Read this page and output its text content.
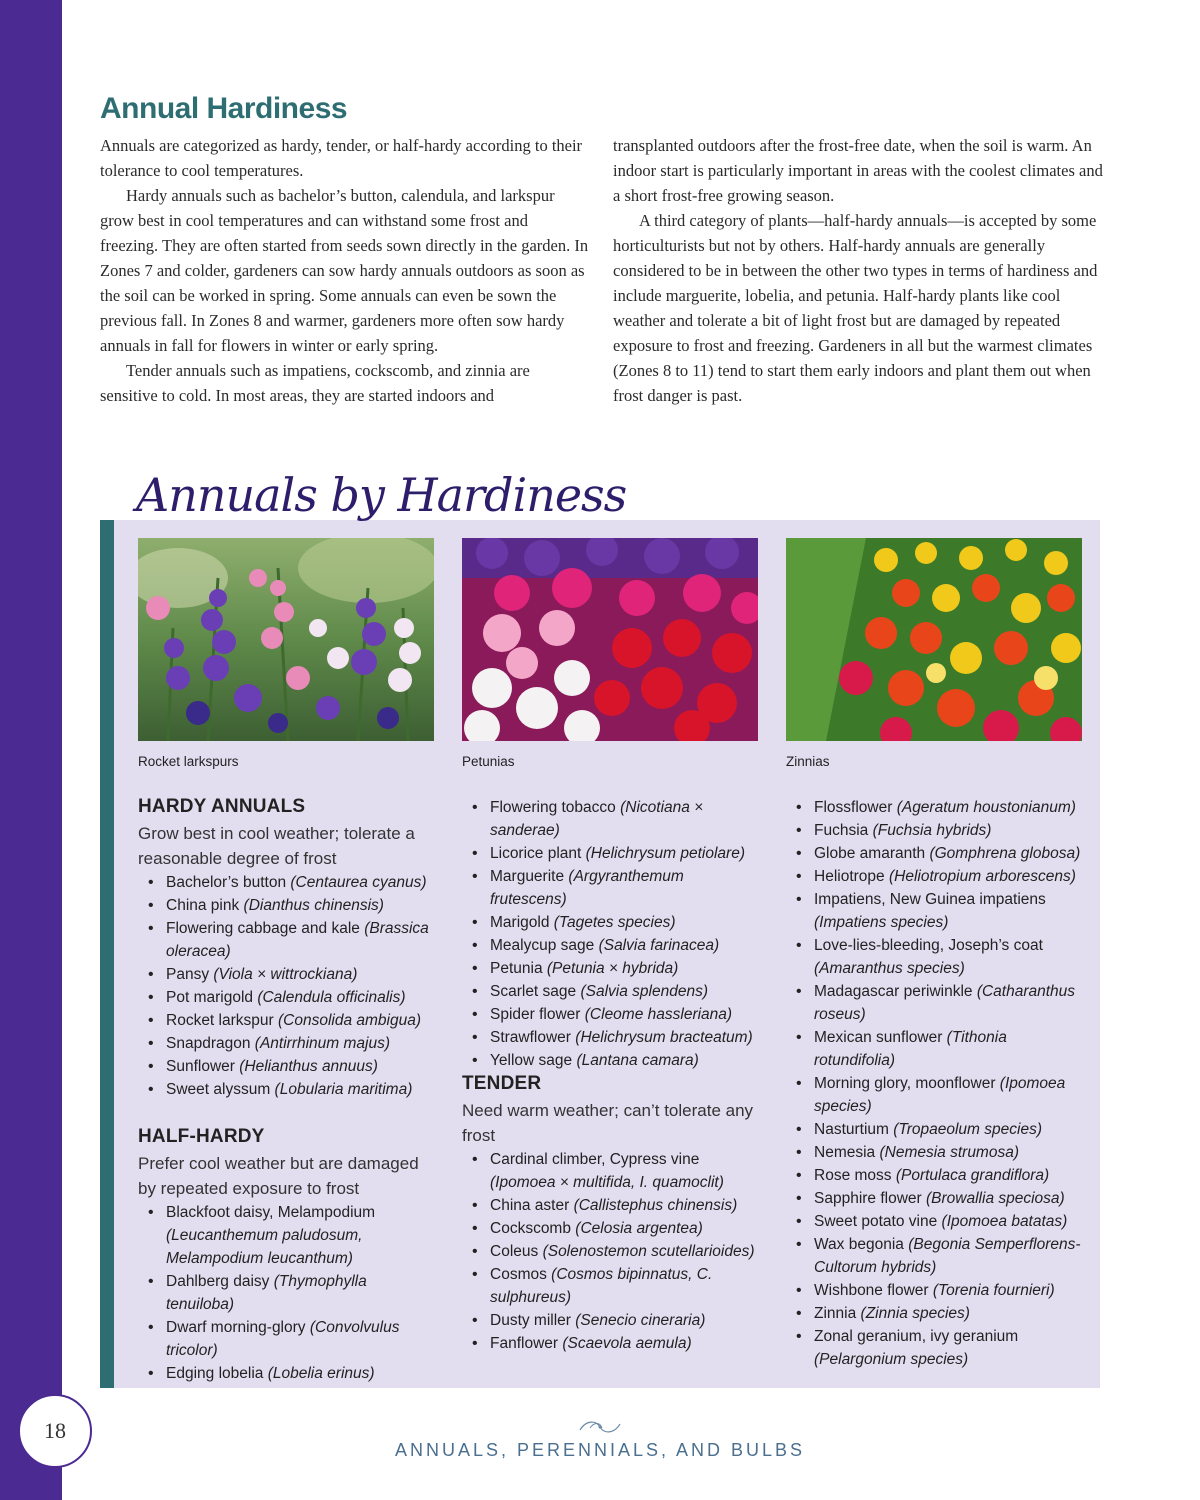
18
Annual Hardiness

Annuals are categorized as hardy, tender, or half-hardy according to their tolerance to cool temperatures.

Hardy annuals such as bachelor’s button, calendula, and larkspur grow best in cool temperatures and can withstand some frost and freezing. They are often started from seeds sown directly in the garden. In Zones 7 and colder, gardeners can sow hardy annuals outdoors as soon as the soil can be worked in spring. Some annuals can even be sown the previous fall. In Zones 8 and warmer, gardeners more often sow hardy annuals in fall for flowers in winter or early spring.

Tender annuals such as impatiens, cockscomb, and zinnia are sensitive to cold. In most areas, they are started indoors and

transplanted outdoors after the frost-free date, when the soil is warm. An indoor start is particularly important in areas with the coolest climates and a short frost-free growing season.

A third category of plants—half-hardy annuals—is accepted by some horticulturists but not by others. Half-hardy annuals are generally considered to be in between the other two types in terms of hardiness and include marguerite, lobelia, and petunia. Half-hardy plants like cool weather and tolerate a bit of light frost but are damaged by repeated exposure to frost and freezing. Gardeners in all but the warmest climates (Zones 8 to 11) tend to start them early indoors and plant them out when frost danger is past.

Annuals by Hardiness
Rocket larkspurs	Petunias	Zinnias
HARDY ANNUALS
Grow best in cool weather; tolerate a reasonable degree of frost
• Bachelor’s button (Centaurea cyanus)
• China pink (Dianthus chinensis)
• Flowering cabbage and kale (Brassica oleracea)
• Pansy (Viola × wittrockiana)
• Pot marigold (Calendula officinalis)
• Rocket larkspur (Consolida ambigua)
• Snapdragon (Antirrhinum majus)
• Sunflower (Helianthus annuus)
• Sweet alyssum (Lobularia maritima)
HALF-HARDY
Prefer cool weather but are damaged by repeated exposure to frost
• Blackfoot daisy, Melampodium (Leucanthemum paludosum, Melampodium leucanthum)
• Dahlberg daisy (Thymophylla tenuiloba)
• Dwarf morning-glory (Convolvulus tricolor)
• Edging lobelia (Lobelia erinus)
• Flowering tobacco (Nicotiana × sanderae)
• Licorice plant (Helichrysum petiolare)
• Marguerite (Argyranthemum frutescens)
• Marigold (Tagetes species)
• Mealycup sage (Salvia farinacea)
• Petunia (Petunia × hybrida)
• Scarlet sage (Salvia splendens)
• Spider flower (Cleome hassleriana)
• Strawflower (Helichrysum bracteatum)
• Yellow sage (Lantana camara)
TENDER
Need warm weather; can’t tolerate any frost
• Cardinal climber, Cypress vine (Ipomoea × multifida, I. quamoclit)
• China aster (Callistephus chinensis)
• Cockscomb (Celosia argentea)
• Coleus (Solenostemon scutellarioides)
• Cosmos (Cosmos bipinnatus, C. sulphureus)
• Dusty miller (Senecio cineraria)
• Fanflower (Scaevola aemula)
• Flossflower (Ageratum houstonianum)
• Fuchsia (Fuchsia hybrids)
• Globe amaranth (Gomphrena globosa)
• Heliotrope (Heliotropium arborescens)
• Impatiens, New Guinea impatiens (Impatiens species)
• Love-lies-bleeding, Joseph’s coat (Amaranthus species)
• Madagascar periwinkle (Catharanthus roseus)
• Mexican sunflower (Tithonia rotundifolia)
• Morning glory, moonflower (Ipomoea species)
• Nasturtium (Tropaeolum species)
• Nemesia (Nemesia strumosa)
• Rose moss (Portulaca grandiflora)
• Sapphire flower (Browallia speciosa)
• Sweet potato vine (Ipomoea batatas)
• Wax begonia (Begonia Semperflorens-Cultorum hybrids)
• Wishbone flower (Torenia fournieri)
• Zinnia (Zinnia species)
• Zonal geranium, ivy geranium (Pelargonium species)
ANNUALS, PERENNIALS, AND BULBS
